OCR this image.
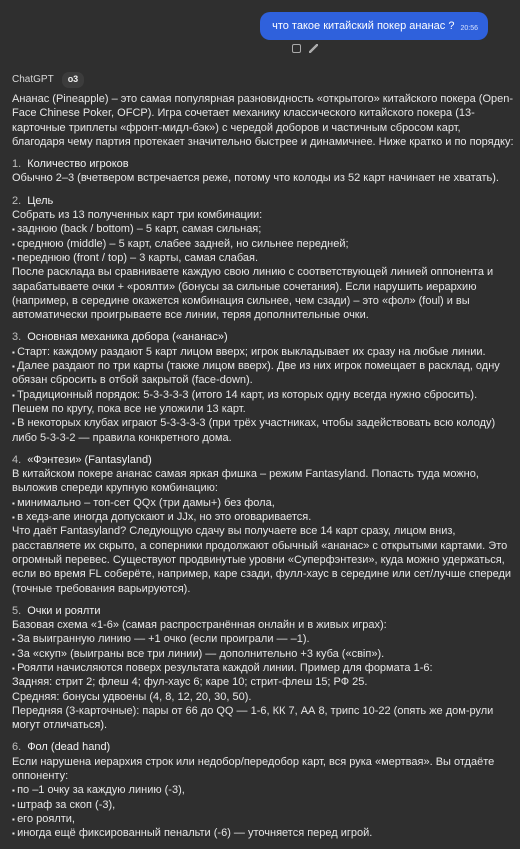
что такое китайский покер ананас ? 20:56
ChatGPT	o3

Ананас (Pineapple) – это самая популярная разновидность «открытого» китайского покера (Open-Face Chinese Poker, OFCP). Игра сочетает механику классического китайского покера (13-карточные триплеты «фронт-мидл-бэк») с чередой доборов и частичным сбросом карт, благодаря чему партия протекает значительно быстрее и динамичнее. Ниже кратко и по порядку:

1. Количество игроков

Обычно 2–3 (вчетвером встречается реже, потому что колоды из 52 карт начинает не хватать).

2. Цель

Собрать из 13 полученных карт три комбинации:

▪ заднюю (back / bottom) – 5 карт, самая сильная;

▪ среднюю (middle) – 5 карт, слабее задней, но сильнее передней;

▪ переднюю (front / top) – 3 карты, самая слабая.

После расклада вы сравниваете каждую свою линию с соответствующей линией оппонента и зарабатываете очки + «роялти» (бонусы за сильные сочетания). Если нарушить иерархию (например, в середине окажется комбинация сильнее, чем сзади) – это «фол» (foul) и вы автоматически проигрываете все линии, теряя дополнительные очки.

3. Основная механика добора («ананас»)

▪ Старт: каждому раздают 5 карт лицом вверх; игрок выкладывает их сразу на любые линии.

▪ Далее раздают по три карты (также лицом вверх). Две из них игрок помещает в расклад, одну обязан сбросить в отбой закрытой (face-down).

▪ Традиционный порядок: 5-3-3-3-3 (итого 14 карт, из которых одну всегда нужно сбросить). Пешем по кругу, пока все не уложили 13 карт.

▪ В некоторых клубах играют 5-3-3-3-3 (при трёх участниках, чтобы задействовать всю колоду) либо 5-3-3-2 — правила конкретного дома.

4. «Фэнтези» (Fantasyland)

В китайском покере ананас самая яркая фишка – режим Fantasyland. Попасть туда можно, выложив спереди крупную комбинацию:

▪ минимально – топ-сет QQx (три дамы+) без фола,

▪ в хедз-апе иногда допускают и JJx, но это оговаривается.

Что даёт Fantasyland? Следующую сдачу вы получаете все 14 карт сразу, лицом вниз, расставляете их скрыто, а соперники продолжают обычный «ананас» с открытыми картами. Это огромный перевес. Существуют продвинутые уровни «Суперфэнтези», куда можно удержаться, если во время FL соберёте, например, каре сзади, фулл-хаус в середине или сет/лучше спереди (точные требования варьируются).

5. Очки и роялти

Базовая схема «1-6» (самая распространённая онлайн и в живых играх):

▪ За выигранную линию — +1 очко (если проиграли — –1).

▪ За «скуп» (выиграны все три линии) — дополнительно +3 куба («свіп»).

▪ Роялти начисляются поверх результата каждой линии. Пример для формата 1-6:

Задняя: стрит 2; флеш 4; фул-хаус 6; каре 10; стрит-флеш 15; РФ 25.

Средняя: бонусы удвоены (4, 8, 12, 20, 30, 50).

Передняя (3-карточные): пары от 66 до QQ — 1-6, КК 7, АА 8, трипс 10-22 (опять же дом-рули могут отличаться).

6. Фол (dead hand)

Если нарушена иерархия строк или недобор/передобор карт, вся рука «мертвая». Вы отдаёте оппоненту:

▪ по –1 очку за каждую линию (-3),

▪ штраф за скоп (-3),

▪ его роялти,

▪ иногда ещё фиксированный пенальти (-6) — уточняется перед игрой.
